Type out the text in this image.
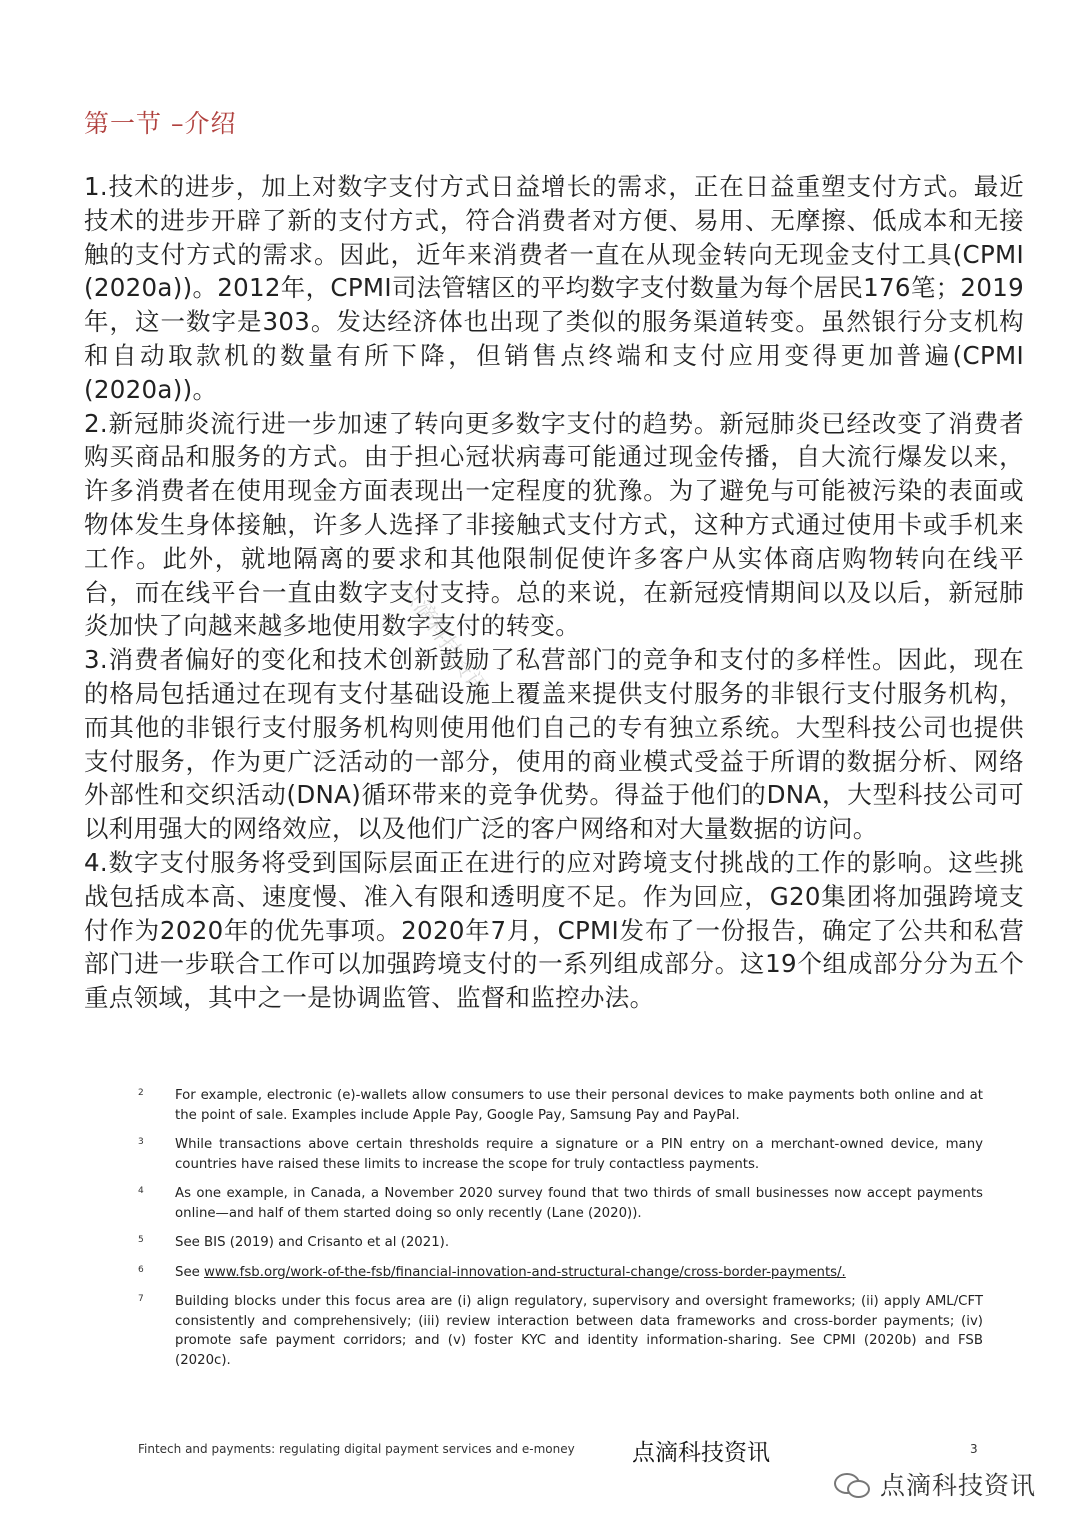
第一节 –介绍

1.技术的进步，加上对数字支付方式日益增长的需求，正在日益重塑支付方式。最近技术的进步开辟了新的支付方式，符合消费者对方便、易用、无摩擦、低成本和无接触的支付方式的需求。因此，近年来消费者一直在从现金转向无现金支付工具(CPMI (2020a))。2012年，CPMI司法管辖区的平均数字支付数量为每个居民176笔；2019年，这一数字是303。发达经济体也出现了类似的服务渠道转变。虽然银行分支机构和自动取款机的数量有所下降，但销售点终端和支付应用变得更加普遍(CPMI (2020a))。

2.新冠肺炎流行进一步加速了转向更多数字支付的趋势。新冠肺炎已经改变了消费者购买商品和服务的方式。由于担心冠状病毒可能通过现金传播，自大流行爆发以来，许多消费者在使用现金方面表现出一定程度的犹豫。为了避免与可能被污染的表面或物体发生身体接触，许多人选择了非接触式支付方式，这种方式通过使用卡或手机来工作。此外，就地隔离的要求和其他限制促使许多客户从实体商店购物转向在线平台，而在线平台一直由数字支付支持。总的来说，在新冠疫情期间以及以后，新冠肺炎加快了向越来越多地使用数字支付的转变。

3.消费者偏好的变化和技术创新鼓励了私营部门的竞争和支付的多样性。因此，现在的格局包括通过在现有支付基础设施上覆盖来提供支付服务的非银行支付服务机构，而其他的非银行支付服务机构则使用他们自己的专有独立系统。大型科技公司也提供支付服务，作为更广泛活动的一部分，使用的商业模式受益于所谓的数据分析、网络外部性和交织活动(DNA)循环带来的竞争优势。得益于他们的DNA，大型科技公司可以利用强大的网络效应，以及他们广泛的客户网络和对大量数据的访问。

4.数字支付服务将受到国际层面正在进行的应对跨境支付挑战的工作的影响。这些挑战包括成本高、速度慢、准入有限和透明度不足。作为回应，G20集团将加强跨境支付作为2020年的优先事项。2020年7月，CPMI发布了一份报告，确定了公共和私营部门进一步联合工作可以加强跨境支付的一系列组成部分。这19个组成部分分为五个重点领域，其中之一是协调监管、监督和监控办法。

点滴科技资讯
2	For example, electronic (e)-wallets allow consumers to use their personal devices to make payments both online and at the point of sale. Examples include Apple Pay, Google Pay, Samsung Pay and PayPal.
3	While transactions above certain thresholds require a signature or a PIN entry on a merchant-owned device, many countries have raised these limits to increase the scope for truly contactless payments.
4	As one example, in Canada, a November 2020 survey found that two thirds of small businesses now accept payments online—and half of them started doing so only recently (Lane (2020)).
5	See BIS (2019) and Crisanto et al (2021).
6	See www.fsb.org/work-of-the-fsb/financial-innovation-and-structural-change/cross-border-payments/.
7	Building blocks under this focus area are (i) align regulatory, supervisory and oversight frameworks; (ii) apply AML/CFT consistently and comprehensively; (iii) review interaction between data frameworks and cross-border payments; (iv) promote safe payment corridors; and (v) foster KYC and identity information-sharing. See CPMI (2020b) and FSB (2020c).
Fintech and payments: regulating digital payment services and e-money 点滴科技资讯	3
点滴科技资讯
